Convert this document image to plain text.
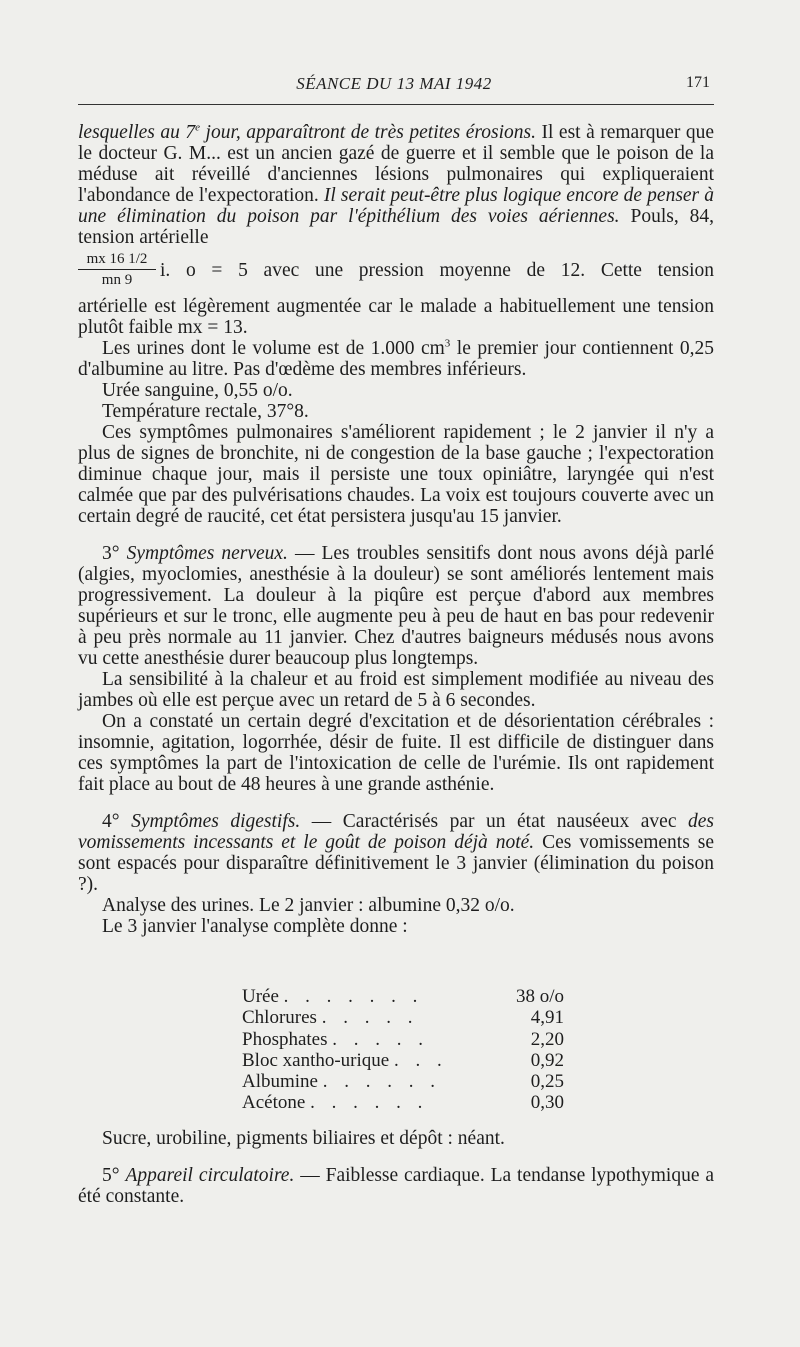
SÉANCE DU 13 MAI 1942	171

lesquelles au 7e jour, apparaîtront de très petites érosions. Il est à remarquer que le docteur G. M... est un ancien gazé de guerre et il semble que le poison de la méduse ait réveillé d'anciennes lésions pulmonaires qui expliqueraient l'abondance de l'expectoration. Il serait peut-être plus logique encore de penser à une élimination du poison par l'épithélium des voies aériennes. Pouls, 84, tension artérielle

$\frac{mx 16 1/2}{mn 9} i$. o = 5 avec une pression moyenne de 12. Cette tension

artérielle est légèrement augmentée car le malade a habituellement une tension plutôt faible mx = 13.

Les urines dont le volume est de 1.000 $cm^3$ le premier jour contiennent 0,25 d'albumine au litre. Pas d'œdème des membres inférieurs.

Urée sanguine, 0,55 o/o.

Température rectale, 37°8.

Ces symptômes pulmonaires s'améliorent rapidement ; le 2 janvier il n'y a plus de signes de bronchite, ni de congestion de la base gauche ; l'expectoration diminue chaque jour, mais il persiste une toux opiniâtre, laryngée qui n'est calmée que par des pulvérisations chaudes. La voix est toujours couverte avec un certain degré de raucité, cet état persistera jusqu'au 15 janvier.

3° Symptômes nerveux. — Les troubles sensitifs dont nous avons déjà parlé (algies, myoclomies, anesthésie à la douleur) se sont améliorés lentement mais progressivement. La douleur à la piqûre est perçue d'abord aux membres supérieurs et sur le tronc, elle augmente peu à peu de haut en bas pour redevenir à peu près normale au 11 janvier. Chez d'autres baigneurs médusés nous avons vu cette anesthésie durer beaucoup plus longtemps.

La sensibilité à la chaleur et au froid est simplement modifiée au niveau des jambes où elle est perçue avec un retard de 5 à 6 secondes.

On a constaté un certain degré d'excitation et de désorientation cérébrales : insomnie, agitation, logorrhée, désir de fuite. Il est difficile de distinguer dans ces symptômes la part de l'intoxication de celle de l'urémie. Ils ont rapidement fait place au bout de 48 heures à une grande asthénie.

4° Symptômes digestifs. — Caractérisés par un état nauséeux avec des vomissements incessants et le goût de poison déjà noté. Ces vomissements se sont espacés pour disparaître définitivement le 3 janvier (élimination du poison ?).

Analyse des urines. Le 2 janvier : albumine 0,32 o/o.

Le 3 janvier l'analyse complète donne :

Urée . . . . . . .	38 o/o
Chlorures . . . . .	4,91
Phosphates . . . . .	2,20
Bloc xantho-urique . . .	0,92
Albumine . . . . . .	0,25
Acétone . . . . . .	0,30

Sucre, urobiline, pigments biliaires et dépôt : néant.

5° Appareil circulatoire. — Faiblesse cardiaque. La tendanse lypothymique a été constante.
